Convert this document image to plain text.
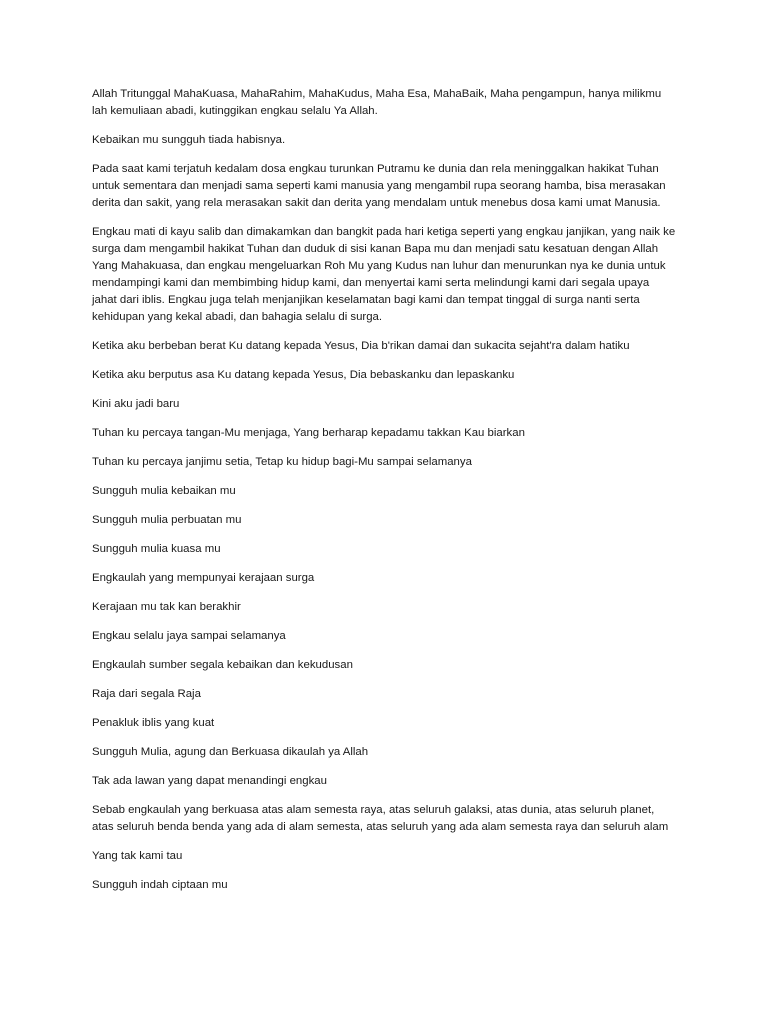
Allah Tritunggal MahaKuasa, MahaRahim, MahaKudus, Maha Esa, MahaBaik, Maha pengampun, hanya milikmu lah kemuliaan abadi, kutinggikan engkau selalu Ya Allah.

Kebaikan mu sungguh tiada habisnya.

Pada saat kami terjatuh kedalam dosa engkau turunkan Putramu ke dunia dan rela meninggalkan hakikat Tuhan untuk sementara dan menjadi sama seperti kami manusia yang mengambil rupa seorang hamba, bisa merasakan derita dan sakit, yang rela merasakan sakit dan derita yang mendalam untuk menebus dosa kami umat Manusia.

Engkau mati di kayu salib dan dimakamkan dan bangkit pada hari ketiga seperti yang engkau janjikan, yang naik ke surga dam mengambil hakikat Tuhan dan duduk di sisi kanan Bapa mu dan menjadi satu kesatuan dengan Allah Yang Mahakuasa, dan engkau mengeluarkan Roh Mu yang Kudus nan luhur dan menurunkan nya ke dunia untuk mendampingi kami dan membimbing hidup kami, dan menyertai kami serta melindungi kami dari segala upaya jahat dari iblis. Engkau juga telah menjanjikan keselamatan bagi kami dan tempat tinggal di surga nanti serta kehidupan yang kekal abadi, dan bahagia selalu di surga.

Ketika aku berbeban berat Ku datang kepada Yesus, Dia b'rikan damai dan sukacita sejaht'ra dalam hatiku

Ketika aku berputus asa Ku datang kepada Yesus, Dia bebaskanku dan lepaskanku

Kini aku jadi baru

Tuhan ku percaya tangan-Mu menjaga, Yang berharap kepadamu takkan Kau biarkan

Tuhan ku percaya janjimu setia, Tetap ku hidup bagi-Mu sampai selamanya

Sungguh mulia kebaikan mu

Sungguh mulia perbuatan mu

Sungguh mulia kuasa mu

Engkaulah yang mempunyai kerajaan surga

Kerajaan mu tak kan berakhir

Engkau selalu jaya sampai selamanya

Engkaulah sumber segala kebaikan dan kekudusan

Raja dari segala Raja

Penakluk iblis yang kuat

Sungguh Mulia, agung dan Berkuasa dikaulah ya Allah

Tak ada lawan yang dapat menandingi engkau

Sebab engkaulah yang berkuasa atas alam semesta raya, atas seluruh galaksi, atas dunia, atas seluruh planet, atas seluruh benda benda yang ada di alam semesta, atas seluruh yang ada alam semesta raya dan seluruh alam

Yang tak kami tau

Sungguh indah ciptaan mu
